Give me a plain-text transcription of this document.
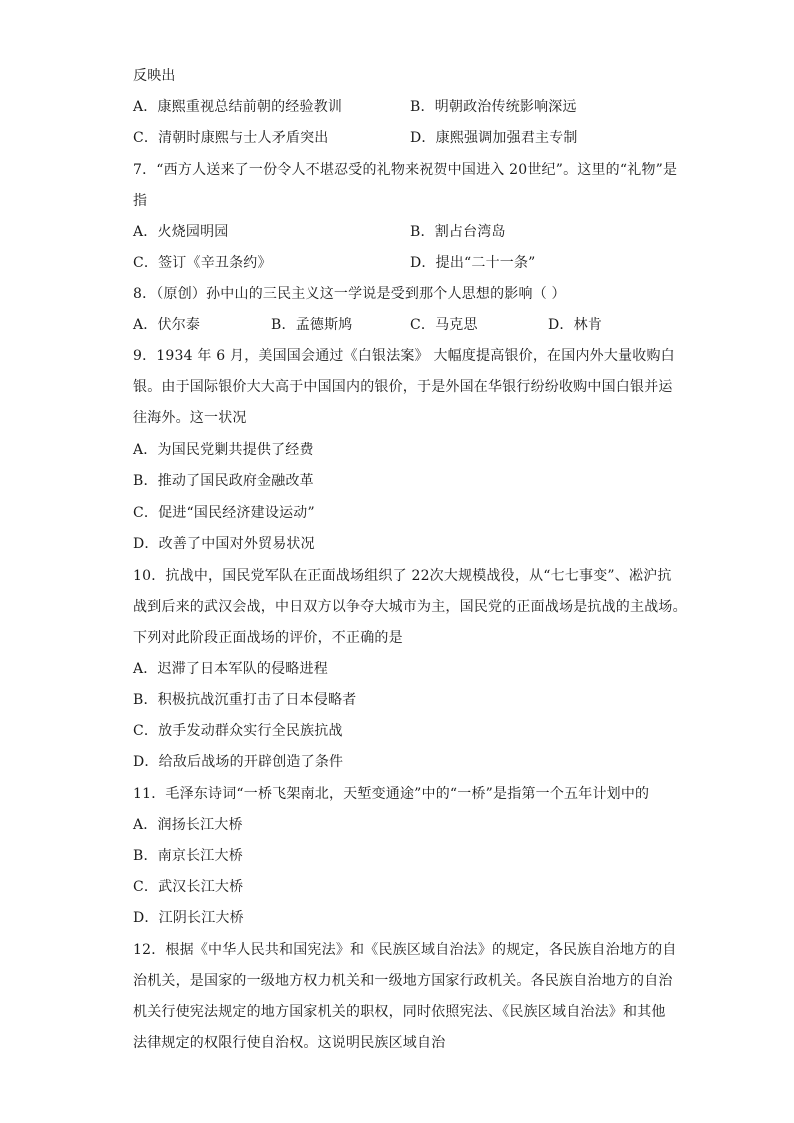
反映出
A．康熙重视总结前朝的经验教训	B．明朝政治传统影响深远
C．清朝时康熙与士人矛盾突出	D．康熙强调加强君主专制
7．“西方人送来了一份令人不堪忍受的礼物来祝贺中国进入 20世纪”。这里的“礼物”是
指
A．火烧园明园	B．割占台湾岛
C．签订《辛丑条约》	D．提出“二十一条”
8．（原创）孙中山的三民主义这一学说是受到那个人思想的影响（ ）
A．伏尔泰	B．孟德斯鸠	C．马克思	D．林肯
9．1934 年 6 月，美国国会通过《白银法案》 大幅度提高银价，在国内外大量收购白
银。由于国际银价大大高于中国国内的银价，于是外国在华银行纷纷收购中国白银并运
往海外。这一状况
A．为国民党剿共提供了经费
B．推动了国民政府金融改革
C．促进“国民经济建设运动”
D．改善了中国对外贸易状况
10．抗战中，国民党军队在正面战场组织了 22次大规模战役，从“七七事变”、凇沪抗
战到后来的武汉会战，中日双方以争夺大城市为主，国民党的正面战场是抗战的主战场。
下列对此阶段正面战场的评价，不正确的是
A．迟滞了日本军队的侵略进程
B．积极抗战沉重打击了日本侵略者
C．放手发动群众实行全民族抗战
D．给敌后战场的开辟创造了条件
11．毛泽东诗词“一桥飞架南北，天堑变通途”中的“一桥”是指第一个五年计划中的
A．润扬长江大桥
B．南京长江大桥
C．武汉长江大桥
D．江阴长江大桥
12．根据《中华人民共和国宪法》和《民族区域自治法》的规定，各民族自治地方的自
治机关，是国家的一级地方权力机关和一级地方国家行政机关。各民族自治地方的自治
机关行使宪法规定的地方国家机关的职权，同时依照宪法、《民族区域自治法》和其他
法律规定的权限行使自治权。这说明民族区域自治
